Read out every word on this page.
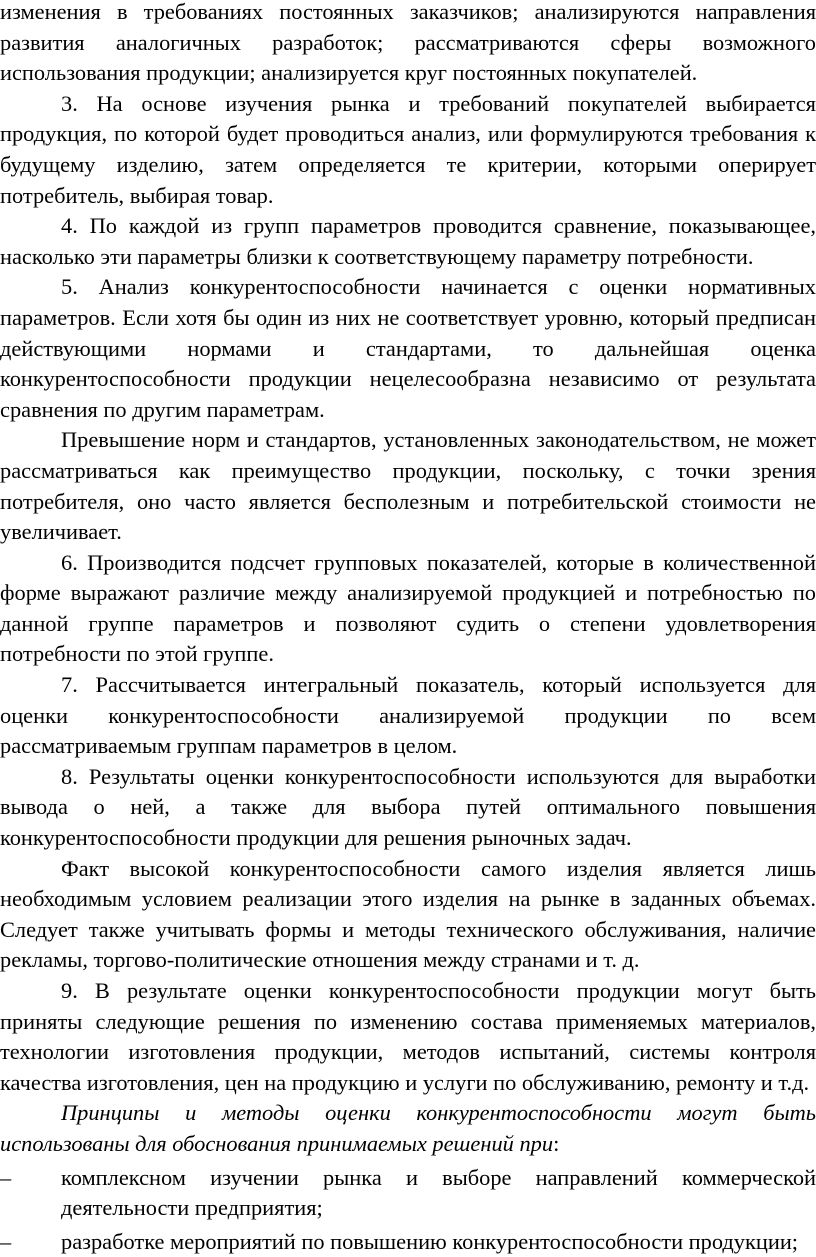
изменения в требованиях постоянных заказчиков; анализируются направления развития аналогичных разработок; рассматриваются сферы возможного использования продукции; анализируется круг постоянных покупателей.

3. На основе изучения рынка и требований покупателей выбирается продукция, по которой будет проводиться анализ, или формулируются требования к будущему изделию, затем определяется те критерии, которыми оперирует потребитель, выбирая товар.

4. По каждой из групп параметров проводится сравнение, показывающее, насколько эти параметры близки к соответствующему параметру потребности.

5. Анализ конкурентоспособности начинается с оценки нормативных параметров. Если хотя бы один из них не соответствует уровню, который предписан действующими нормами и стандартами, то дальнейшая оценка конкурентоспособности продукции нецелесообразна независимо от результата сравнения по другим параметрам.

Превышение норм и стандартов, установленных законодательством, не может рассматриваться как преимущество продукции, поскольку, с точки зрения потребителя, оно часто является бесполезным и потребительской стоимости не увеличивает.

6. Производится подсчет групповых показателей, которые в количественной форме выражают различие между анализируемой продукцией и потребностью по данной группе параметров и позволяют судить о степени удовлетворения потребности по этой группе.

7. Рассчитывается интегральный показатель, который используется для оценки конкурентоспособности анализируемой продукции по всем рассматриваемым группам параметров в целом.

8. Результаты оценки конкурентоспособности используются для выработки вывода о ней, а также для выбора путей оптимального повышения конкурентоспособности продукции для решения рыночных задач.

Факт высокой конкурентоспособности самого изделия является лишь необходимым условием реализации этого изделия на рынке в заданных объемах. Следует также учитывать формы и методы технического обслуживания, наличие рекламы, торгово-политические отношения между странами и т. д.

9. В результате оценки конкурентоспособности продукции могут быть приняты следующие решения по изменению состава применяемых материалов, технологии изготовления продукции, методов испытаний, системы контроля качества изготовления, цен на продукцию и услуги по обслуживанию, ремонту и т.д.

Принципы и методы оценки конкурентоспособности могут быть использованы для обоснования принимаемых решений при:

– комплексном изучении рынка и выборе направлений коммерческой деятельности предприятия;
– разработке мероприятий по повышению конкурентоспособности продукции;
